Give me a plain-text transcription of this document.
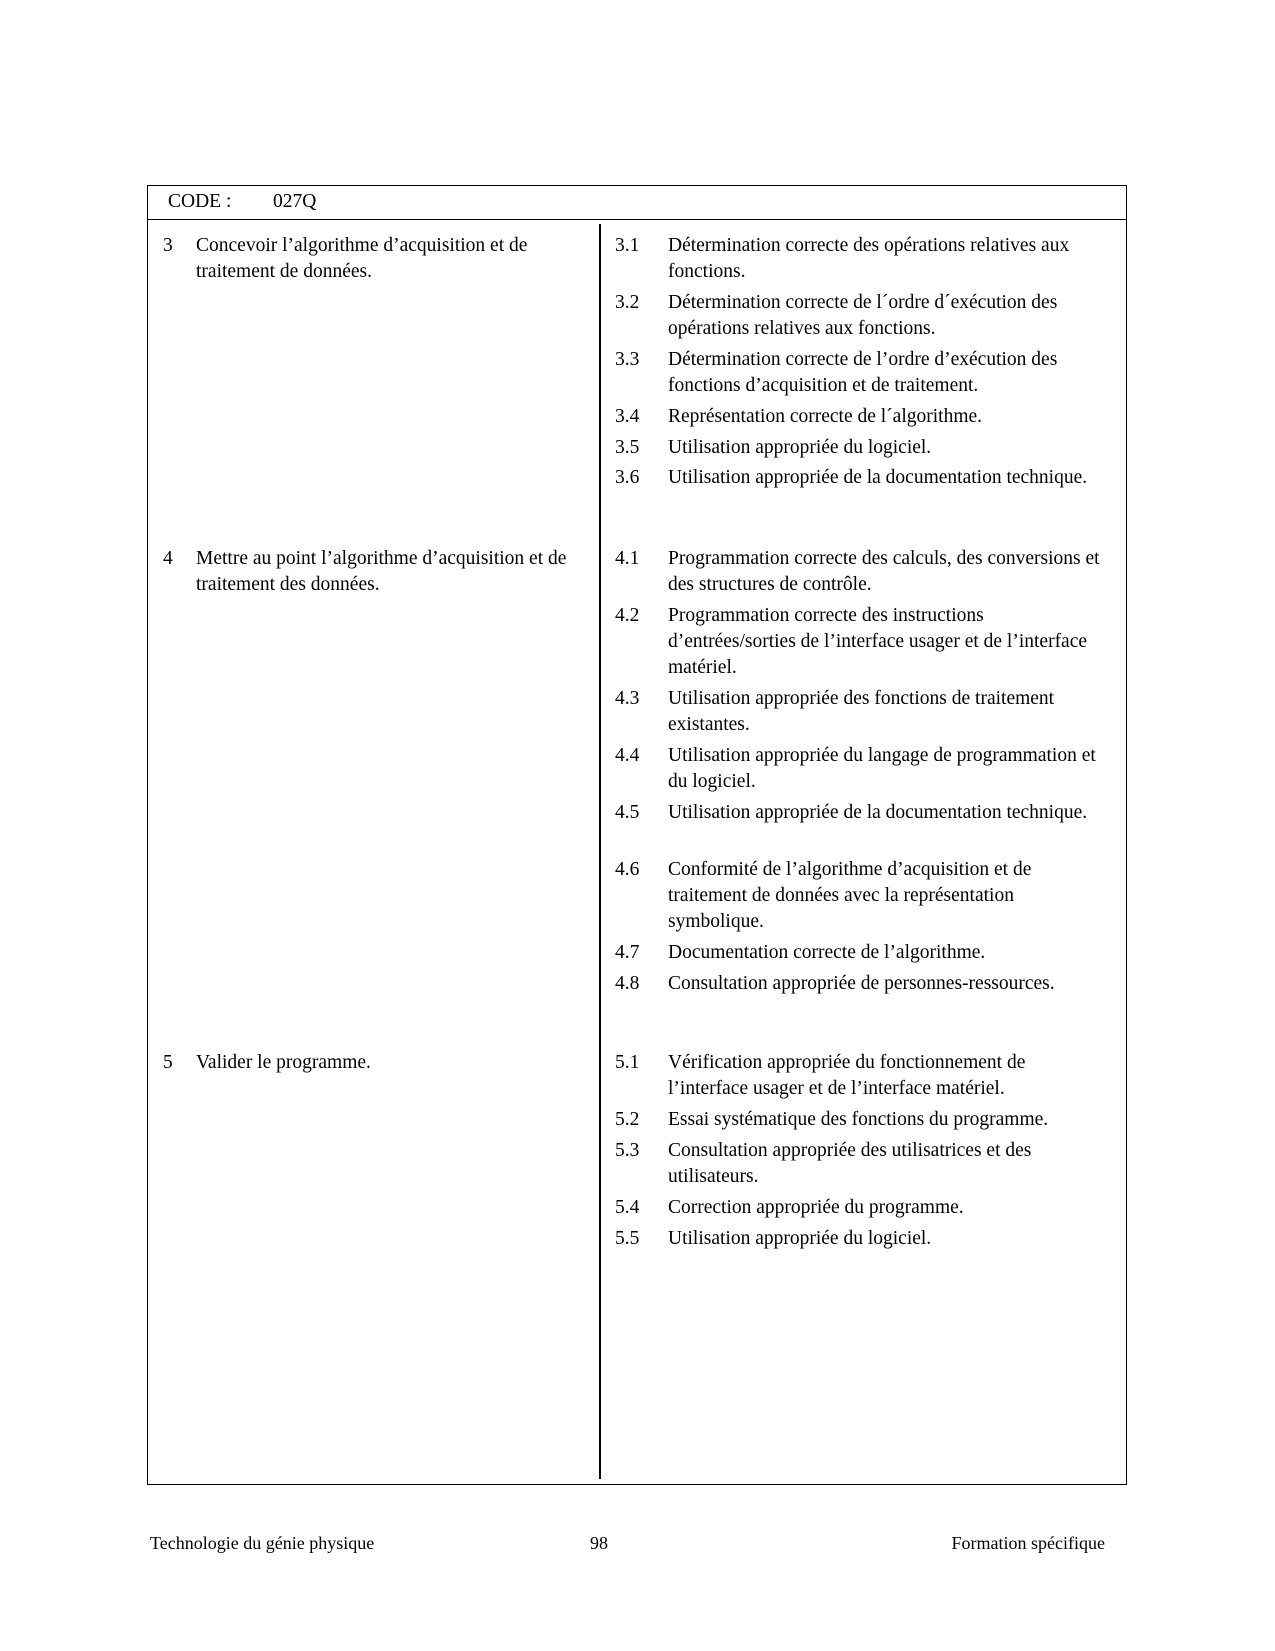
CODE : 027Q
3	Concevoir l’algorithme d’acquisition et de traitement de données.
4	Mettre au point l’algorithme d’acquisition et de traitement des données.
5	Valider le programme.
3.1	Détermination correcte des opérations relatives aux fonctions.
3.2	Détermination correcte de l´ordre d´exécution des opérations relatives aux fonctions.
3.3	Détermination correcte de l’ordre d’exécution des fonctions d’acquisition et de traitement.
3.4	Représentation correcte de l´algorithme.
3.5	Utilisation appropriée du logiciel.
3.6	Utilisation appropriée de la documentation technique.
4.1	Programmation correcte des calculs, des conversions et des structures de contrôle.
4.2	Programmation correcte des instructions d’entrées/sorties de l’interface usager et de l’interface matériel.
4.3	Utilisation appropriée des fonctions de traitement existantes.
4.4	Utilisation appropriée du langage de programmation et du logiciel.
4.5	Utilisation appropriée de la documentation technique.
4.6	Conformité de l’algorithme d’acquisition et de traitement de données avec la représentation symbolique.
4.7	Documentation correcte de l’algorithme.
4.8	Consultation appropriée de personnes-ressources.
5.1	Vérification appropriée du fonctionnement de l’interface usager et de l’interface matériel.
5.2	Essai systématique des fonctions du programme.
5.3	Consultation appropriée des utilisatrices et des utilisateurs.
5.4	Correction appropriée du programme.
5.5	Utilisation appropriée du logiciel.
Technologie du génie physique	98	Formation spécifique
